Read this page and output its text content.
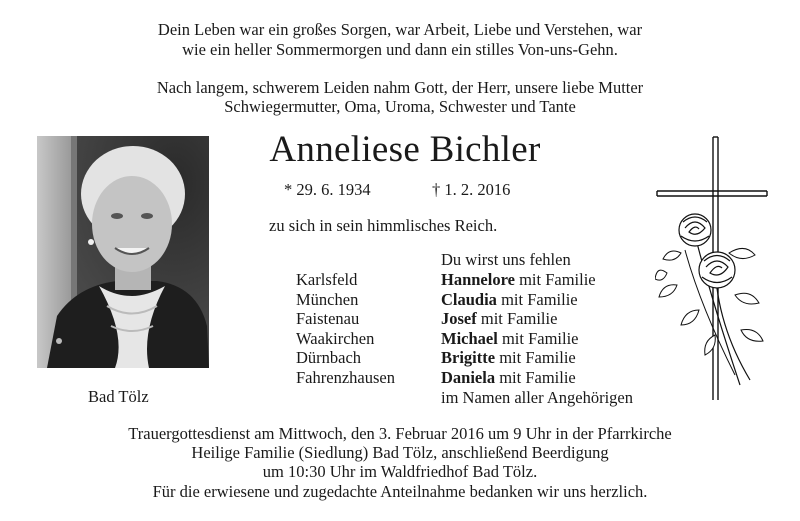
Dein Leben war ein großes Sorgen, war Arbeit, Liebe und Verstehen, war
wie ein heller Sommermorgen und dann ein stilles Von-uns-Gehn.
Nach langem, schwerem Leiden nahm Gott, der Herr, unsere liebe Mutter
Schwiegermutter, Oma, Uroma, Schwester und Tante
Bad Tölz
Anneliese Bichler
* 29. 6. 1934	† 1. 2. 2016
zu sich in sein himmlisches Reich.
Du wirst uns fehlen
Karlsfeld
München
Faistenau
Waakirchen
Dürnbach
Fahrenzhausen
Hannelore mit Familie
Claudia mit Familie
Josef mit Familie
Michael mit Familie
Brigitte mit Familie
Daniela mit Familie
im Namen aller Angehörigen
Trauergottesdienst am Mittwoch, den 3. Februar 2016 um 9 Uhr in der Pfarrkirche
Heilige Familie (Siedlung) Bad Tölz, anschließend Beerdigung
um 10:30 Uhr im Waldfriedhof Bad Tölz.
Für die erwiesene und zugedachte Anteilnahme bedanken wir uns herzlich.
